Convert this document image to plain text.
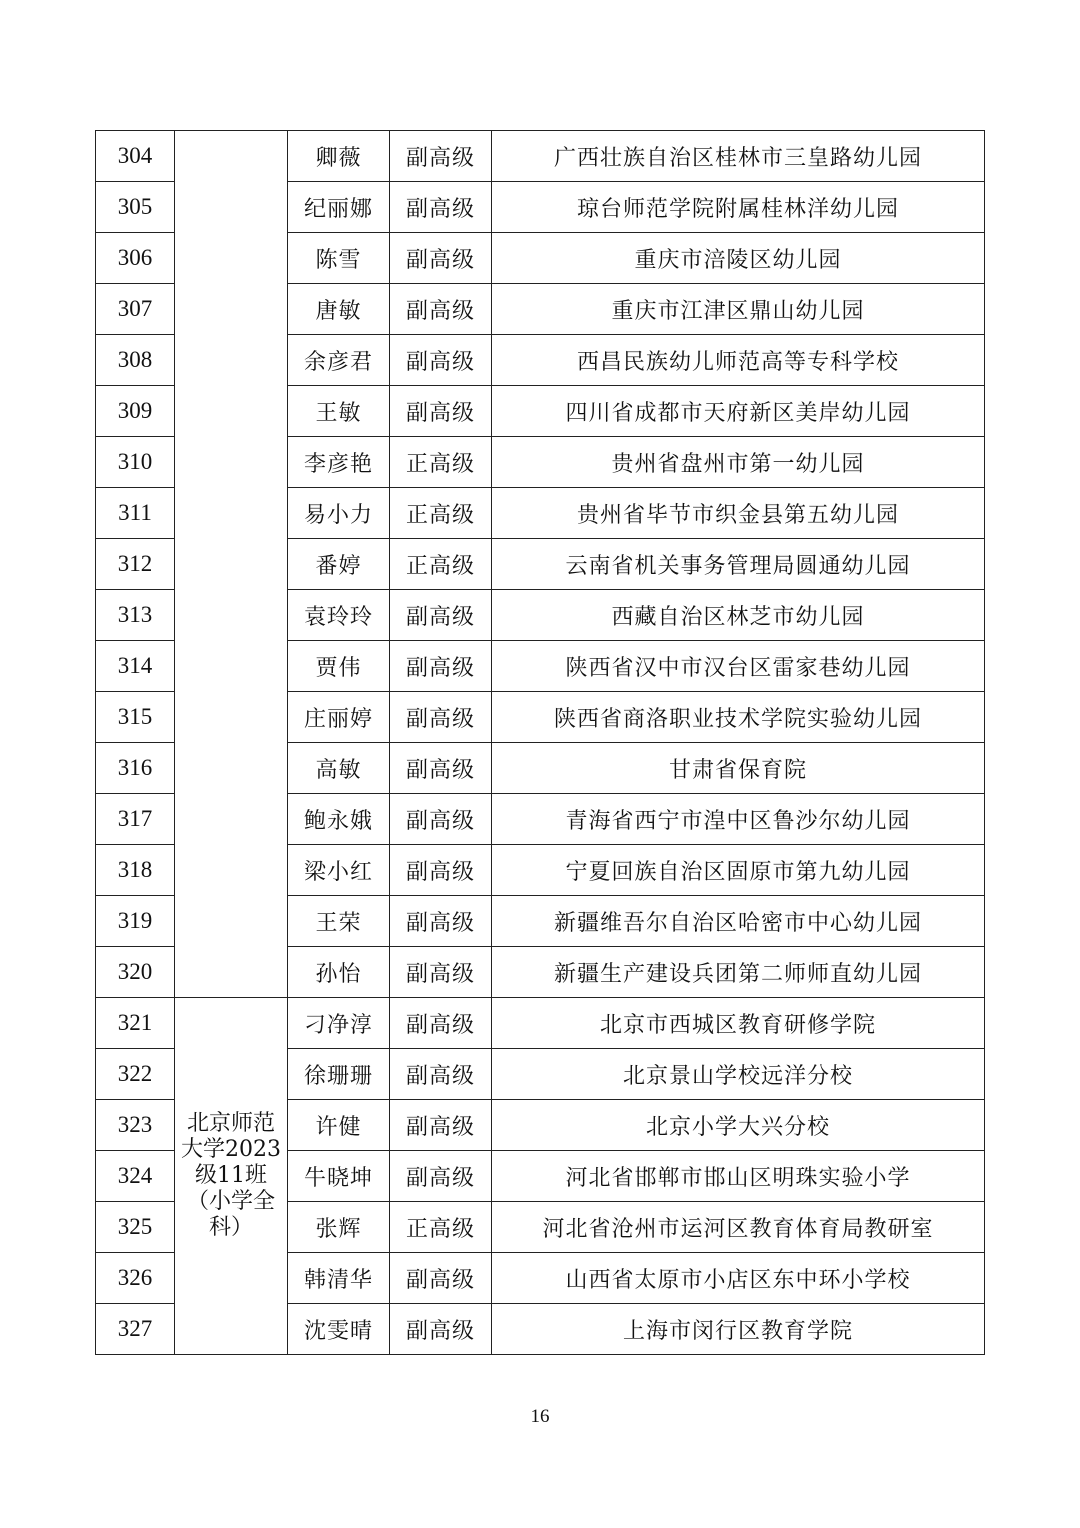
304		卿薇	副高级	广西壮族自治区桂林市三皇路幼儿园
305		纪丽娜	副高级	琼台师范学院附属桂林洋幼儿园
306		陈雪	副高级	重庆市涪陵区幼儿园
307		唐敏	副高级	重庆市江津区鼎山幼儿园
308		余彦君	副高级	西昌民族幼儿师范高等专科学校
309		王敏	副高级	四川省成都市天府新区美岸幼儿园
310		李彦艳	正高级	贵州省盘州市第一幼儿园
311		易小力	正高级	贵州省毕节市织金县第五幼儿园
312		番婷	正高级	云南省机关事务管理局圆通幼儿园
313		袁玲玲	副高级	西藏自治区林芝市幼儿园
314		贾伟	副高级	陕西省汉中市汉台区雷家巷幼儿园
315		庄丽婷	副高级	陕西省商洛职业技术学院实验幼儿园
316		高敏	副高级	甘肃省保育院
317		鲍永娥	副高级	青海省西宁市湟中区鲁沙尔幼儿园
318		梁小红	副高级	宁夏回族自治区固原市第九幼儿园
319		王荣	副高级	新疆维吾尔自治区哈密市中心幼儿园
320		孙怡	副高级	新疆生产建设兵团第二师师直幼儿园
321	北京师范大学2023级11班（小学全科）	刁净淳	副高级	北京市西城区教育研修学院
322		徐珊珊	副高级	北京景山学校远洋分校
323		许健	副高级	北京小学大兴分校
324		牛晓坤	副高级	河北省邯郸市邯山区明珠实验小学
325		张辉	正高级	河北省沧州市运河区教育体育局教研室
326		韩清华	副高级	山西省太原市小店区东中环小学校
327		沈雯晴	副高级	上海市闵行区教育学院
16
